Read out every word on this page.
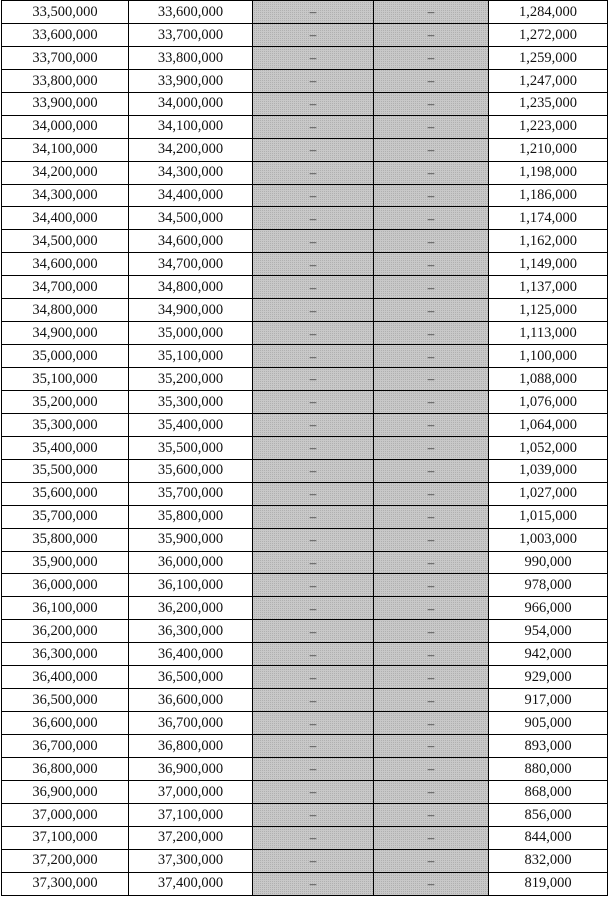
33,500,000	33,600,000	–	–	1,284,000
33,600,000	33,700,000	–	–	1,272,000
33,700,000	33,800,000	–	–	1,259,000
33,800,000	33,900,000	–	–	1,247,000
33,900,000	34,000,000	–	–	1,235,000
34,000,000	34,100,000	–	–	1,223,000
34,100,000	34,200,000	–	–	1,210,000
34,200,000	34,300,000	–	–	1,198,000
34,300,000	34,400,000	–	–	1,186,000
34,400,000	34,500,000	–	–	1,174,000
34,500,000	34,600,000	–	–	1,162,000
34,600,000	34,700,000	–	–	1,149,000
34,700,000	34,800,000	–	–	1,137,000
34,800,000	34,900,000	–	–	1,125,000
34,900,000	35,000,000	–	–	1,113,000
35,000,000	35,100,000	–	–	1,100,000
35,100,000	35,200,000	–	–	1,088,000
35,200,000	35,300,000	–	–	1,076,000
35,300,000	35,400,000	–	–	1,064,000
35,400,000	35,500,000	–	–	1,052,000
35,500,000	35,600,000	–	–	1,039,000
35,600,000	35,700,000	–	–	1,027,000
35,700,000	35,800,000	–	–	1,015,000
35,800,000	35,900,000	–	–	1,003,000
35,900,000	36,000,000	–	–	990,000
36,000,000	36,100,000	–	–	978,000
36,100,000	36,200,000	–	–	966,000
36,200,000	36,300,000	–	–	954,000
36,300,000	36,400,000	–	–	942,000
36,400,000	36,500,000	–	–	929,000
36,500,000	36,600,000	–	–	917,000
36,600,000	36,700,000	–	–	905,000
36,700,000	36,800,000	–	–	893,000
36,800,000	36,900,000	–	–	880,000
36,900,000	37,000,000	–	–	868,000
37,000,000	37,100,000	–	–	856,000
37,100,000	37,200,000	–	–	844,000
37,200,000	37,300,000	–	–	832,000
37,300,000	37,400,000	–	–	819,000
